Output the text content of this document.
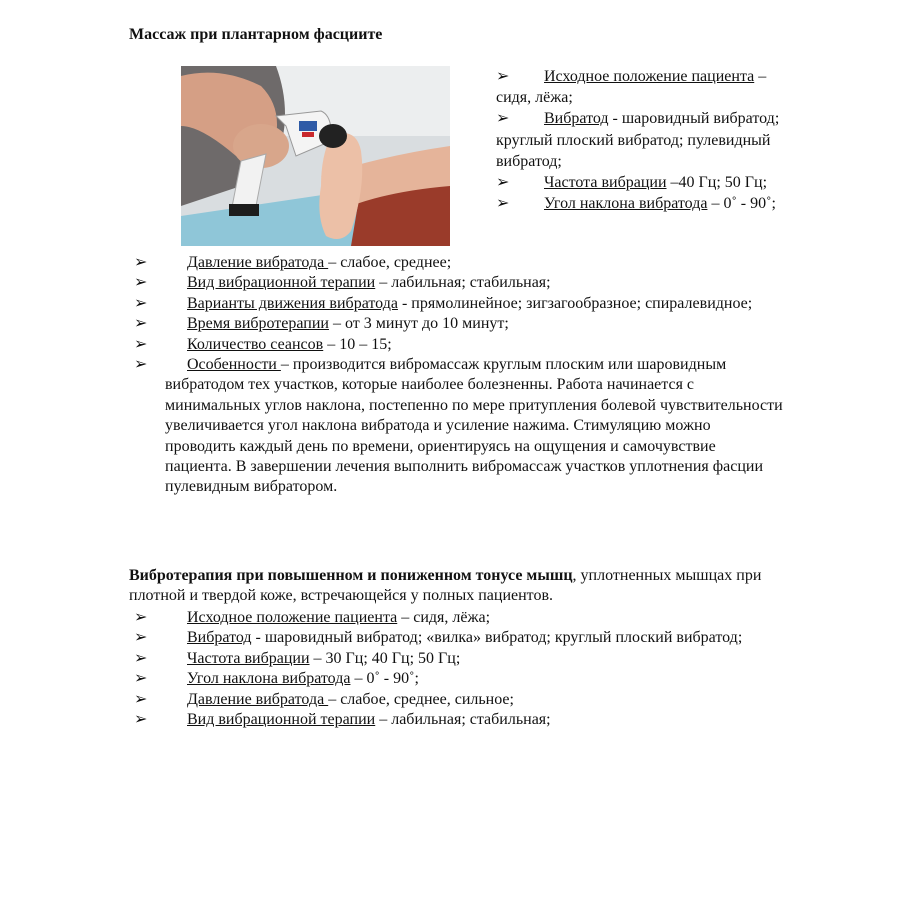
Массаж при плантарном фасциите

➢ Исходное положение пациента – сидя, лёжа;

➢ Вибратод - шаровидный вибратод; круглый плоский вибратод; пулевидный вибратод;

➢ Частота вибрации –40 Гц; 50 Гц;

➢ Угол наклона вибратода – 0˚ - 90˚;

➢ Давление вибратода – слабое, среднее;
➢ Вид вибрационной терапии – лабильная; стабильная;
➢ Варианты движения вибратода - прямолинейное; зигзагообразное; спиралевидное;
➢ Время вибротерапии – от 3 минут до 10 минут;
➢ Количество сеансов – 10 – 15;
➢ Особенности – производится вибромассаж круглым плоским или шаровидным вибратодом тех участков, которые наиболее болезненны. Работа начинается с минимальных углов наклона, постепенно по мере притупления болевой чувствительности увеличивается угол наклона вибратода и усиление нажима. Стимуляцию можно проводить каждый день по времени, ориентируясь на ощущения и самочувствие пациента. В завершении лечения выполнить вибромассаж участков уплотнения фасции пулевидным вибратором.

Вибротерапия при повышенном и пониженном тонусе мышц, уплотненных мышцах при плотной и твердой коже, встречающейся у полных пациентов.

➢ Исходное положение пациента – сидя, лёжа;
➢ Вибратод - шаровидный вибратод; «вилка» вибратод; круглый плоский вибратод;
➢ Частота вибрации – 30 Гц; 40 Гц; 50 Гц;
➢ Угол наклона вибратода – 0˚ - 90˚;
➢ Давление вибратода – слабое, среднее, сильное;
➢ Вид вибрационной терапии – лабильная; стабильная;
